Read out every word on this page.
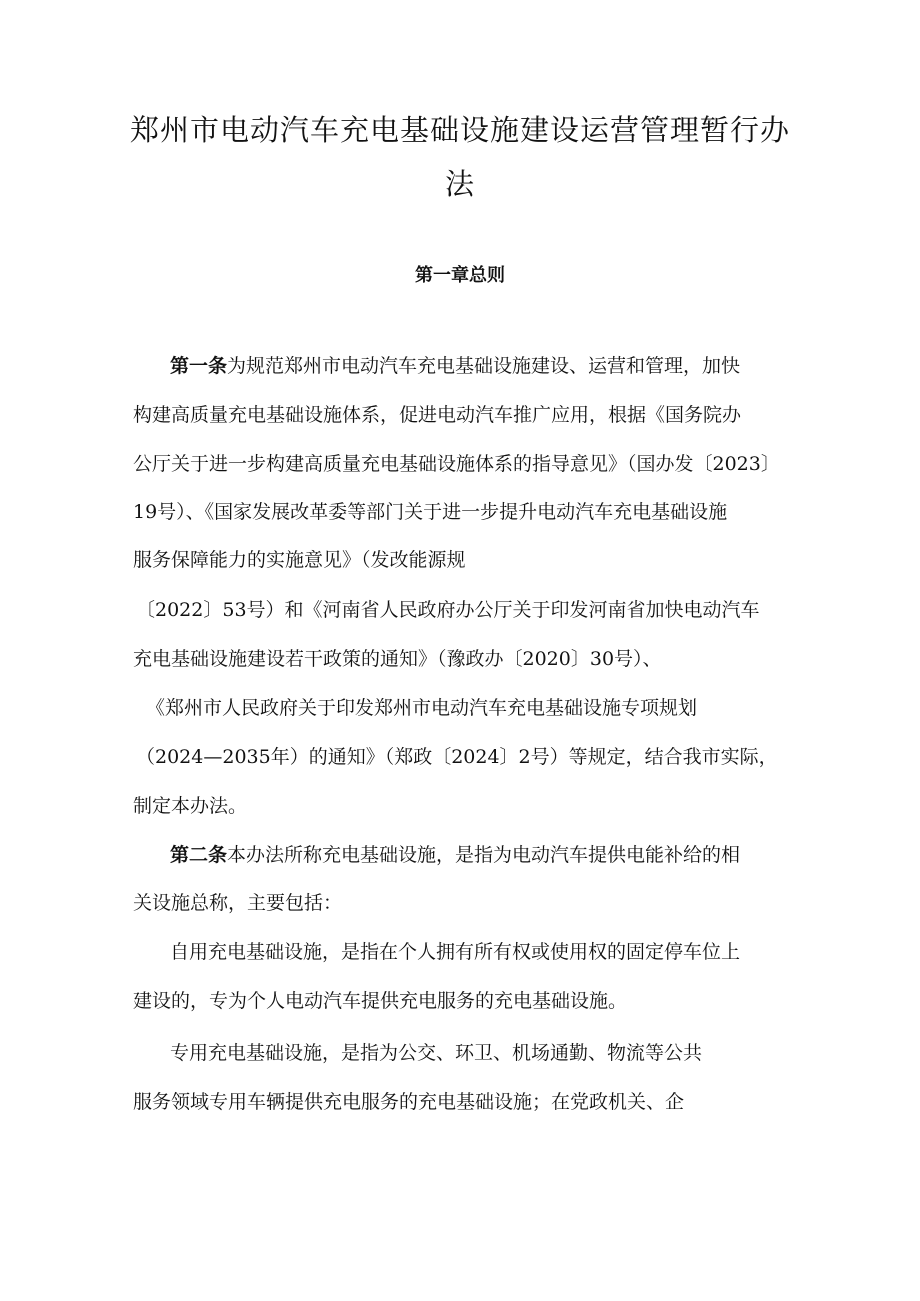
郑州市电动汽车充电基础设施建设运营管理暂行办
法
第一章总则
第一条为规范郑州市电动汽车充电基础设施建设、运营和管理，加快
构建高质量充电基础设施体系，促进电动汽车推广应用，根据《国务院办
公厅关于进一步构建高质量充电基础设施体系的指导意见》（国办发〔2023〕
19号）、《国家发展改革委等部门关于进一步提升电动汽车充电基础设施
服务保障能力的实施意见》（发改能源规
〔2022〕53号）和《河南省人民政府办公厅关于印发河南省加快电动汽车
充电基础设施建设若干政策的通知》（豫政办〔2020〕30号）、
《郑州市人民政府关于印发郑州市电动汽车充电基础设施专项规划
（2024—2035年）的通知》（郑政〔2024〕2号）等规定，结合我市实际，
制定本办法。
第二条本办法所称充电基础设施，是指为电动汽车提供电能补给的相
关设施总称，主要包括：
自用充电基础设施，是指在个人拥有所有权或使用权的固定停车位上
建设的，专为个人电动汽车提供充电服务的充电基础设施。
专用充电基础设施，是指为公交、环卫、机场通勤、物流等公共
服务领域专用车辆提供充电服务的充电基础设施；在党政机关、企
